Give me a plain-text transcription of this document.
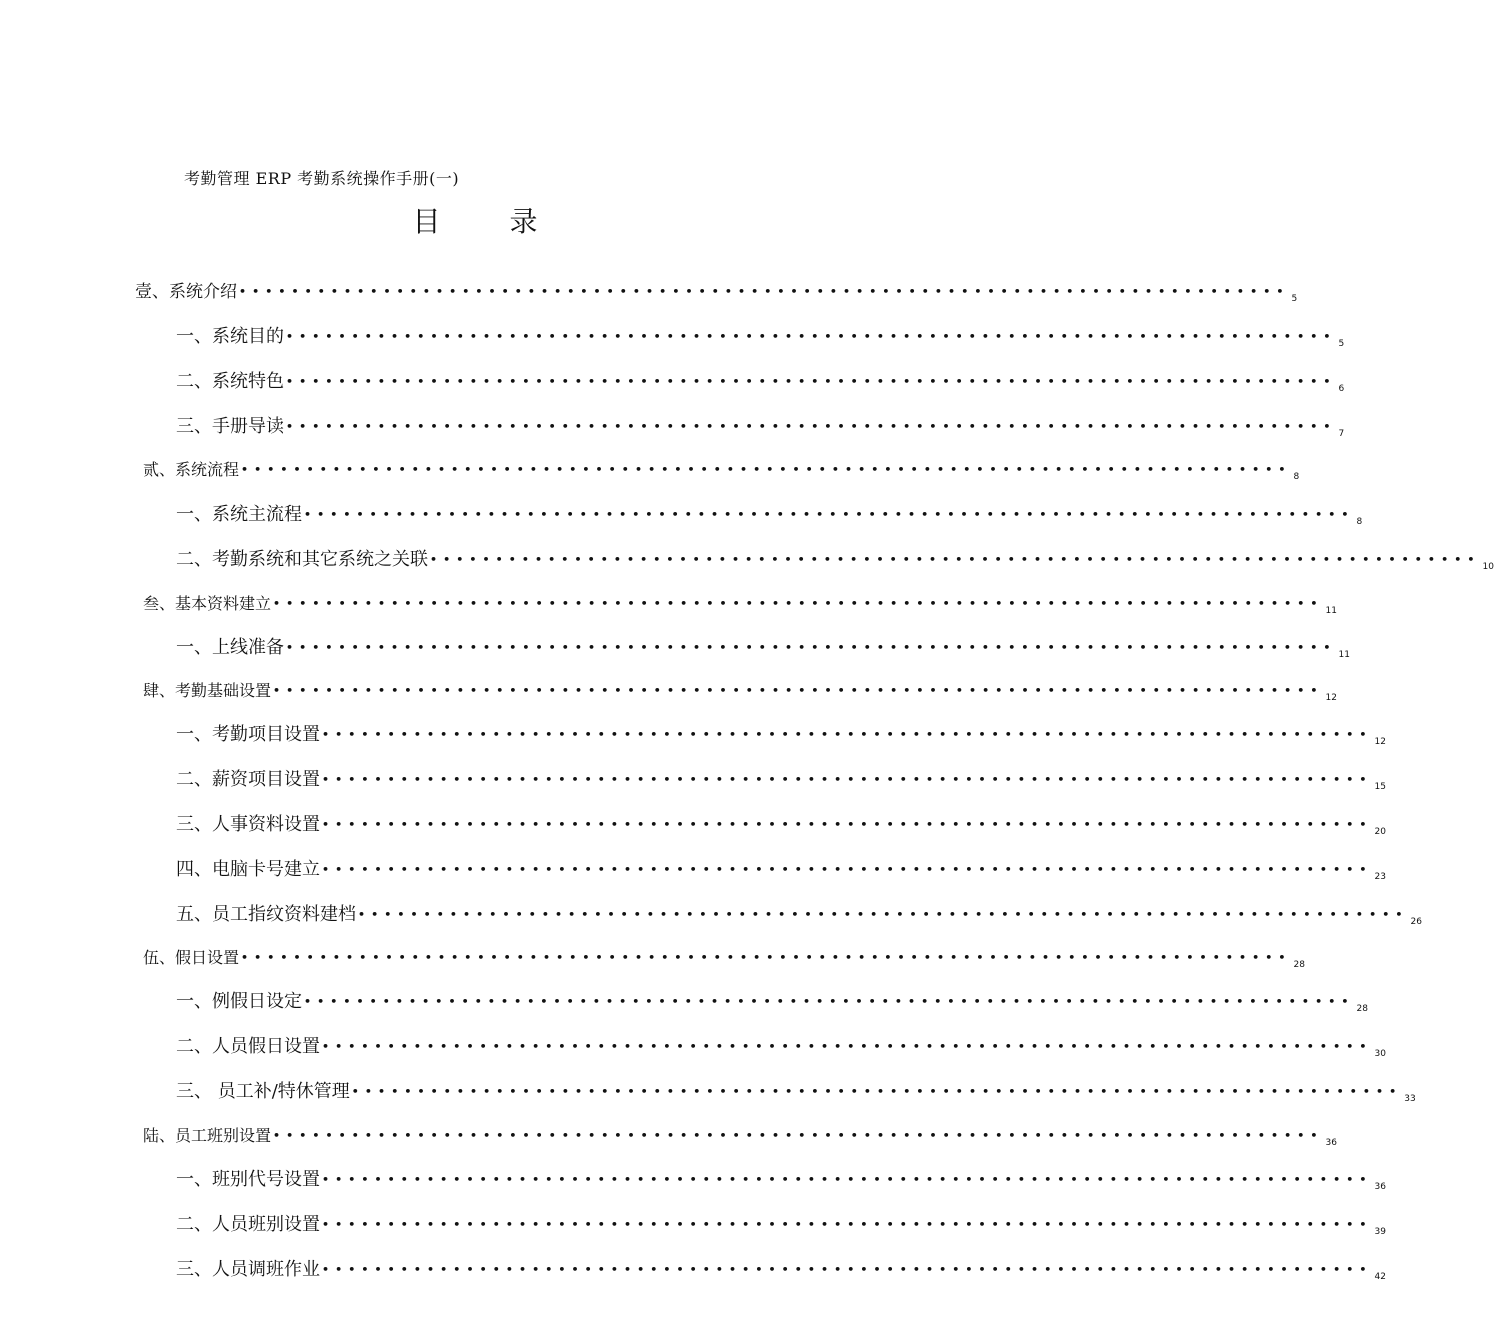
考勤管理 ERP 考勤系统操作手册(一)
目 录
壹、系统介绍 ••••••••••••••••••••••••••••••••••••••••••••••••••••••••••••••••••••••••••••••••
5
一、系统目的 ••••••••••••••••••••••••••••••••••••••••••••••••••••••••••••••••••••••••••••••••
5
二、系统特色 ••••••••••••••••••••••••••••••••••••••••••••••••••••••••••••••••••••••••••••••••
6
三、手册导读 ••••••••••••••••••••••••••••••••••••••••••••••••••••••••••••••••••••••••••••••••
7
贰、系统流程 ••••••••••••••••••••••••••••••••••••••••••••••••••••••••••••••••••••••••••••••••
8
一、系统主流程 ••••••••••••••••••••••••••••••••••••••••••••••••••••••••••••••••••••••••••••••••
8
二、考勤系统和其它系统之关联 ••••••••••••••••••••••••••••••••••••••••••••••••••••••••••••••••••••••••••••••••
10
叁、基本资料建立 ••••••••••••••••••••••••••••••••••••••••••••••••••••••••••••••••••••••••••••••••
11
一、上线准备 ••••••••••••••••••••••••••••••••••••••••••••••••••••••••••••••••••••••••••••••••
11
肆、考勤基础设置 ••••••••••••••••••••••••••••••••••••••••••••••••••••••••••••••••••••••••••••••••
12
一、考勤项目设置 ••••••••••••••••••••••••••••••••••••••••••••••••••••••••••••••••••••••••••••••••
12
二、薪资项目设置 ••••••••••••••••••••••••••••••••••••••••••••••••••••••••••••••••••••••••••••••••
15
三、人事资料设置 ••••••••••••••••••••••••••••••••••••••••••••••••••••••••••••••••••••••••••••••••
20
四、电脑卡号建立 ••••••••••••••••••••••••••••••••••••••••••••••••••••••••••••••••••••••••••••••••
23
五、员工指纹资料建档 ••••••••••••••••••••••••••••••••••••••••••••••••••••••••••••••••••••••••••••••••
26
伍、假日设置 ••••••••••••••••••••••••••••••••••••••••••••••••••••••••••••••••••••••••••••••••
28
一、例假日设定 ••••••••••••••••••••••••••••••••••••••••••••••••••••••••••••••••••••••••••••••••
28
二、人员假日设置 ••••••••••••••••••••••••••••••••••••••••••••••••••••••••••••••••••••••••••••••••
30
三、 员工补/特休管理 ••••••••••••••••••••••••••••••••••••••••••••••••••••••••••••••••••••••••••••••••
33
陆、员工班别设置 ••••••••••••••••••••••••••••••••••••••••••••••••••••••••••••••••••••••••••••••••
36
一、班别代号设置 ••••••••••••••••••••••••••••••••••••••••••••••••••••••••••••••••••••••••••••••••
36
二、人员班别设置 ••••••••••••••••••••••••••••••••••••••••••••••••••••••••••••••••••••••••••••••••
39
三、人员调班作业 ••••••••••••••••••••••••••••••••••••••••••••••••••••••••••••••••••••••••••••••••
42
